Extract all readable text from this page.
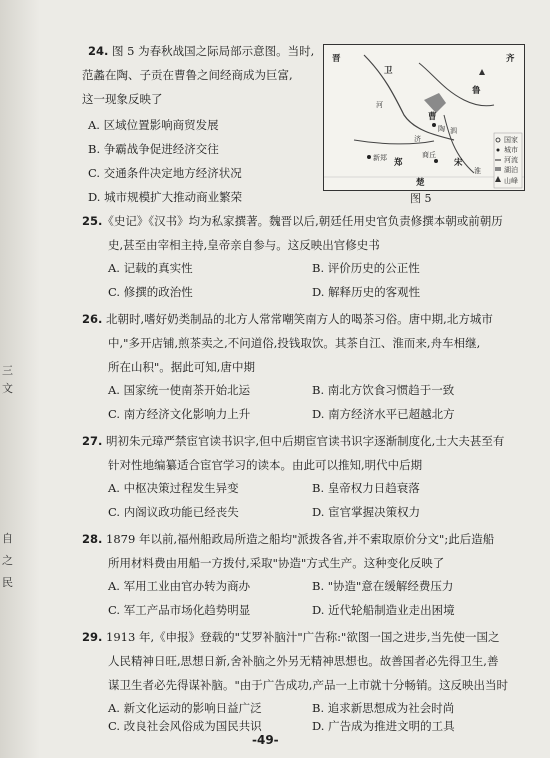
三
文
自
之
民
24. 图 5 为春秋战国之际局部示意图。当时,
范蠡在陶、子贡在曹鲁之间经商成为巨富,
这一现象反映了
A. 区域位置影响商贸发展
B. 争霸战争促进经济交往
C. 交通条件决定地方经济状况
D. 城市规模扩大推动商业繁荣
晋
卫
齐
鲁
曹
郑	宋
楚
陶
新郑	商丘
河
济
泗
淮
国家
城市
河流
湖泊
山峰
图 5
25.《史记》《汉书》均为私家撰著。魏晋以后,朝廷任用史官负责修撰本朝或前朝历
史,甚至由宰相主持,皇帝亲自参与。这反映出官修史书
A. 记载的真实性	B. 评价历史的公正性
C. 修撰的政治性	D. 解释历史的客观性
26. 北朝时,嗜好奶类制品的北方人常常嘲笑南方人的喝茶习俗。唐中期,北方城市
中,"多开店铺,煎茶卖之,不问道俗,投钱取饮。其茶自江、淮而来,舟车相继,
所在山积"。据此可知,唐中期
A. 国家统一使南茶开始北运	B. 南北方饮食习惯趋于一致
C. 南方经济文化影响力上升	D. 南方经济水平已超越北方
27. 明初朱元璋严禁宦官读书识字,但中后期宦官读书识字逐渐制度化,士大夫甚至有
针对性地编纂适合宦官学习的读本。由此可以推知,明代中后期
A. 中枢决策过程发生异变	B. 皇帝权力日趋衰落
C. 内阁议政功能已经丧失	D. 宦官掌握决策权力
28. 1879 年以前,福州船政局所造之船均"派拨各省,并不索取原价分文";此后造船
所用材料费由用船一方拨付,采取"协造"方式生产。这种变化反映了
A. 军用工业由官办转为商办	B. "协造"意在缓解经费压力
C. 军工产品市场化趋势明显	D. 近代轮船制造业走出困境
29. 1913 年,《申报》登载的"艾罗补脑汁"广告称:"欲图一国之进步,当先使一国之
人民精神日旺,思想日新,舍补脑之外另无精神思想也。故善国者必先得卫生,善
谋卫生者必先得谋补脑。"由于广告成功,产品一上市就十分畅销。这反映出当时
A. 新文化运动的影响日益广泛	B. 追求新思想成为社会时尚
C. 改良社会风俗成为国民共识	D. 广告成为推进文明的工具
-49-
